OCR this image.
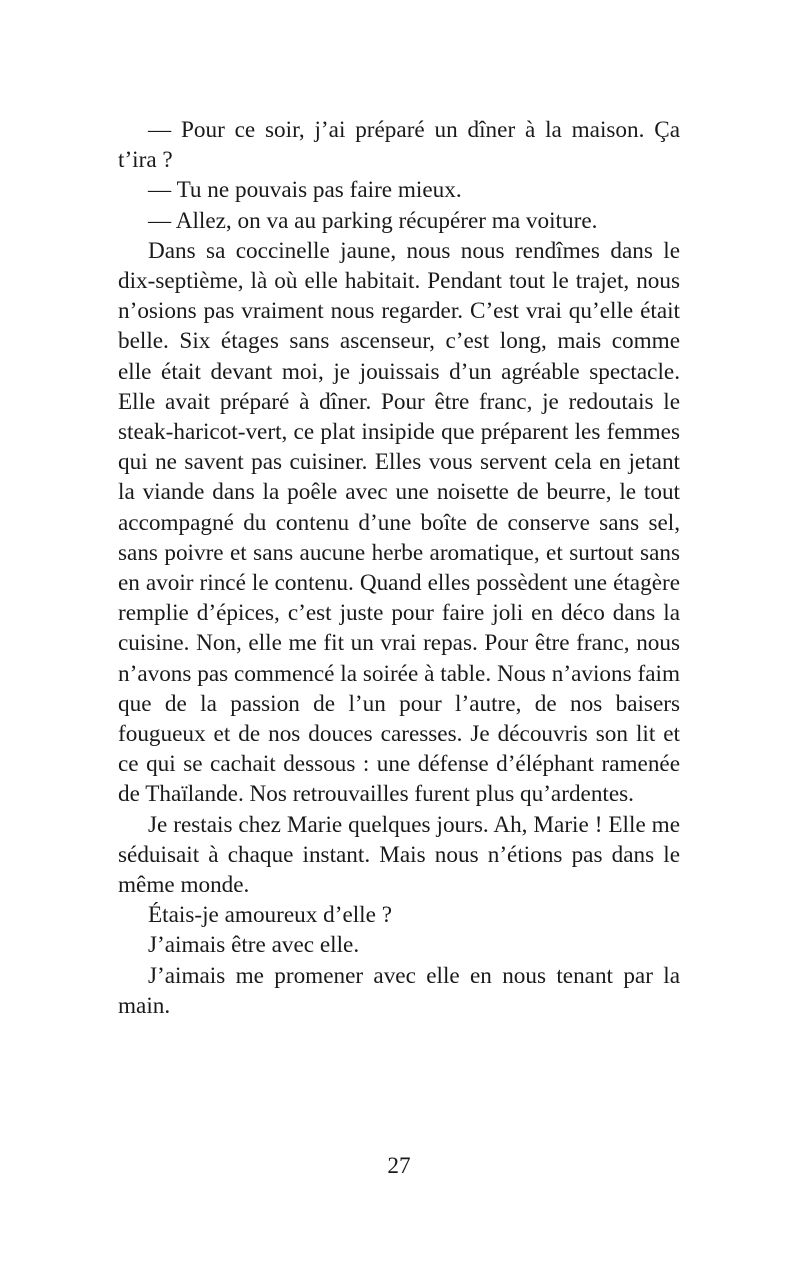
— Pour ce soir, j’ai préparé un dîner à la maison. Ça t’ira ?

— Tu ne pouvais pas faire mieux.

— Allez, on va au parking récupérer ma voiture.

Dans sa coccinelle jaune, nous nous rendîmes dans le dix-septième, là où elle habitait. Pendant tout le trajet, nous n’osions pas vraiment nous regarder. C’est vrai qu’elle était belle. Six étages sans ascenseur, c’est long, mais comme elle était devant moi, je jouissais d’un agréable spectacle. Elle avait préparé à dîner. Pour être franc, je redoutais le steak-haricot-vert, ce plat insipide que préparent les femmes qui ne savent pas cuisiner. Elles vous servent cela en jetant la viande dans la poêle avec une noisette de beurre, le tout accompagné du contenu d’une boîte de conserve sans sel, sans poivre et sans aucune herbe aromatique, et surtout sans en avoir rincé le contenu. Quand elles possèdent une étagère remplie d’épices, c’est juste pour faire joli en déco dans la cuisine. Non, elle me fit un vrai repas. Pour être franc, nous n’avons pas commencé la soirée à table. Nous n’avions faim que de la passion de l’un pour l’autre, de nos baisers fougueux et de nos douces caresses. Je découvris son lit et ce qui se cachait dessous : une défense d’éléphant ramenée de Thaïlande. Nos retrouvailles furent plus qu’ardentes.

Je restais chez Marie quelques jours. Ah, Marie ! Elle me séduisait à chaque instant. Mais nous n’étions pas dans le même monde.

Étais-je amoureux d’elle ?

J’aimais être avec elle.

J’aimais me promener avec elle en nous tenant par la main.

27
